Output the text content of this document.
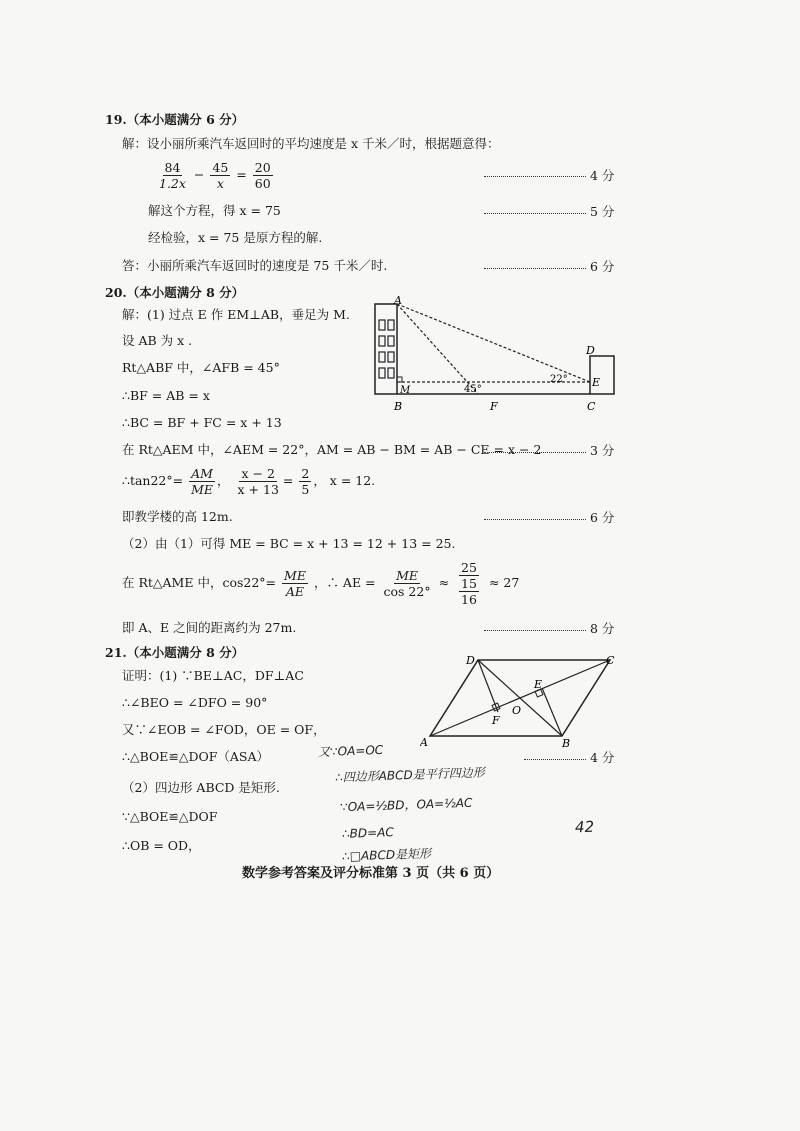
19.（本小题满分 6 分）
解：设小丽所乘汽车返回时的平均速度是 x 千米／时，根据题意得：
$\frac{84}{1.2x} - \frac{45}{x} = \frac{20}{60}$	4 分
解这个方程，得 x = 75	5 分
经检验，x = 75 是原方程的解.
答：小丽所乘汽车返回时的速度是 75 千米／时.	6 分
20.（本小题满分 8 分）
解：(1) 过点 E 作 EM⊥AB，垂足为 M.
设 AB 为 x .
Rt△ABF 中，∠AFB = 45°
∴BF = AB = x
∴BC = BF + FC = x + 13
在 Rt△AEM 中，∠AEM = 22°，AM = AB − BM = AB − CE = x − 2	3 分
∴tan22°= $\frac{AM}{ME}$ ， $\frac{x - 2}{x + 13} = \frac{2}{5}$ ， x = 12.
即教学楼的高 12m.	6 分
（2）由（1）可得 ME = BC = x + 13 = 12 + 13 = 25.
在 Rt△AME 中，$\cos 22^\circ= \frac{ME}{AE}$ ，∴ AE = $\frac{ME}{\cos 22^\circ} \approx \frac{25}{\frac{15}{16}} \approx 27$
即 A、E 之间的距离约为 27m.	8 分
A
B	C
D
E
F
M	45°
22°
21.（本小题满分 8 分）
证明：(1) ∵BE⊥AC，DF⊥AC
∴∠BEO = ∠DFO = 90°
又∵∠EOB = ∠FOD，OE = OF，
∴△BOE≌△DOF（ASA）	4 分
（2）四边形 ABCD 是矩形.
∵△BOE≌△DOF
∴OB = OD，
D	C
A	B
E
F
O
又∵OA=OC
∴四边形ABCD是平行四边形
∵OA=½BD，OA=½AC
∴BD=AC
∴□ABCD是矩形
42
数学参考答案及评分标准第 3 页（共 6 页）
